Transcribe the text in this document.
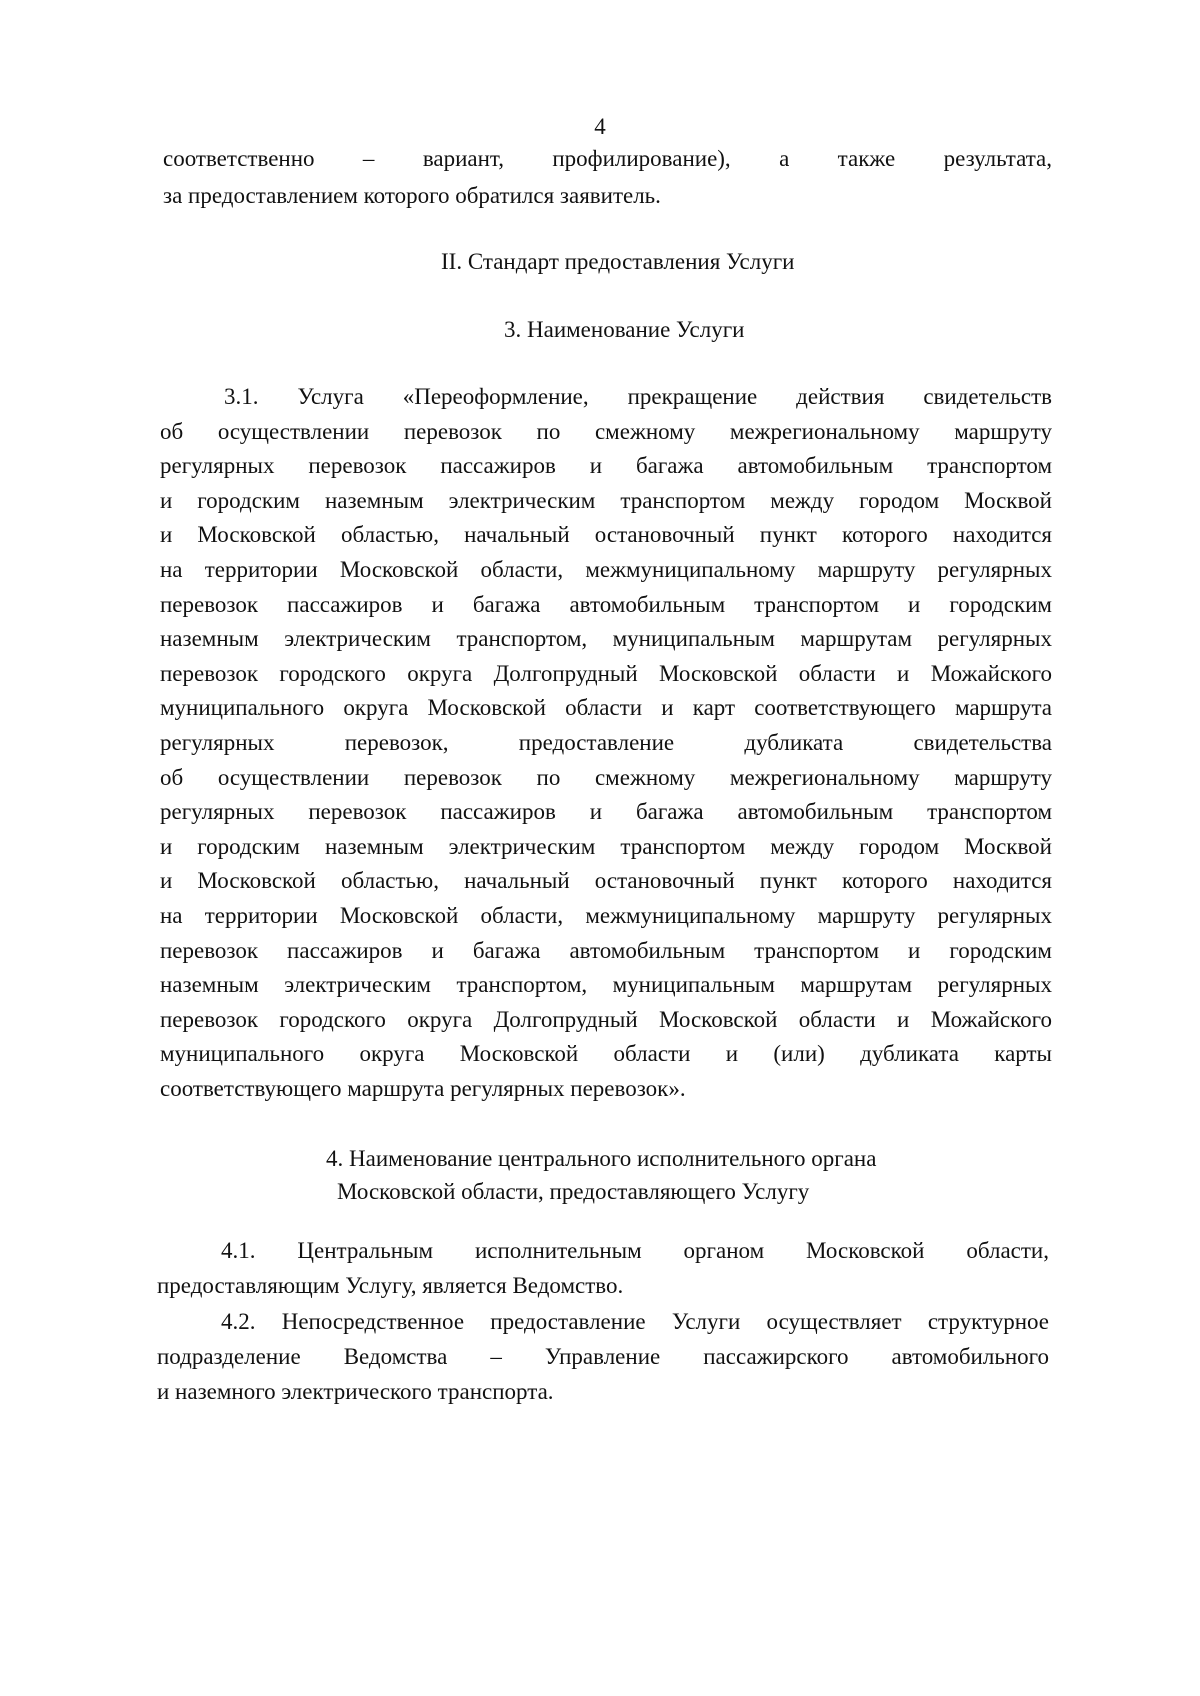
4
соответственно – вариант, профилирование), а также результата,
за предоставлением которого обратился заявитель.
II. Стандарт предоставления Услуги
3. Наименование Услуги
3.1. Услуга «Переоформление, прекращение действия свидетельств
об осуществлении перевозок по смежному межрегиональному маршруту
регулярных перевозок пассажиров и багажа автомобильным транспортом
и городским наземным электрическим транспортом между городом Москвой
и Московской областью, начальный остановочный пункт которого находится
на территории Московской области, межмуниципальному маршруту регулярных
перевозок пассажиров и багажа автомобильным транспортом и городским
наземным электрическим транспортом, муниципальным маршрутам регулярных
перевозок городского округа Долгопрудный Московской области и Можайского
муниципального округа Московской области и карт соответствующего маршрута
регулярных перевозок, предоставление дубликата свидетельства
об осуществлении перевозок по смежному межрегиональному маршруту
регулярных перевозок пассажиров и багажа автомобильным транспортом
и городским наземным электрическим транспортом между городом Москвой
и Московской областью, начальный остановочный пункт которого находится
на территории Московской области, межмуниципальному маршруту регулярных
перевозок пассажиров и багажа автомобильным транспортом и городским
наземным электрическим транспортом, муниципальным маршрутам регулярных
перевозок городского округа Долгопрудный Московской области и Можайского
муниципального округа Московской области и (или) дубликата карты
соответствующего маршрута регулярных перевозок».
4. Наименование центрального исполнительного органа
Московской области, предоставляющего Услугу
4.1. Центральным исполнительным органом Московской области,
предоставляющим Услугу, является Ведомство.
4.2. Непосредственное предоставление Услуги осуществляет структурное
подразделение Ведомства – Управление пассажирского автомобильного
и наземного электрического транспорта.
